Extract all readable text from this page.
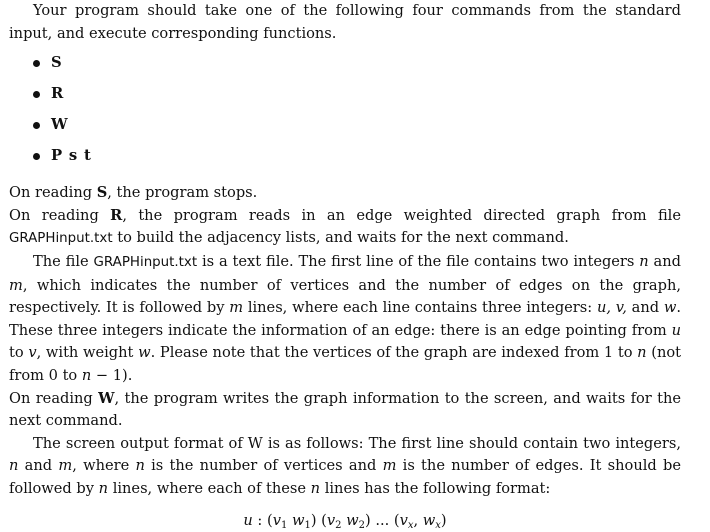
Your program should take one of the following four commands from the standard input, and execute corresponding functions.

S
R
W
P s t

On reading S, the program stops.

On reading R, the program reads in an edge weighted directed graph from file GRAPHinput.txt to build the adjacency lists, and waits for the next command.

The file GRAPHinput.txt is a text file. The first line of the file contains two integers n and m, which indicates the number of vertices and the number of edges on the graph, respectively. It is followed by m lines, where each line contains three integers: u, v, and w. These three integers indicate the information of an edge: there is an edge pointing from u to v, with weight w. Please note that the vertices of the graph are indexed from 1 to n (not from 0 to n − 1).

On reading W, the program writes the graph information to the screen, and waits for the next command.

The screen output format of W is as follows: The first line should contain two integers, n and m, where n is the number of vertices and m is the number of edges. It should be followed by n lines, where each of these n lines has the following format:

u : ($v_1$ $w_1$) ($v_2$ $w_2$) ... ($v_x$, $w_x$)
